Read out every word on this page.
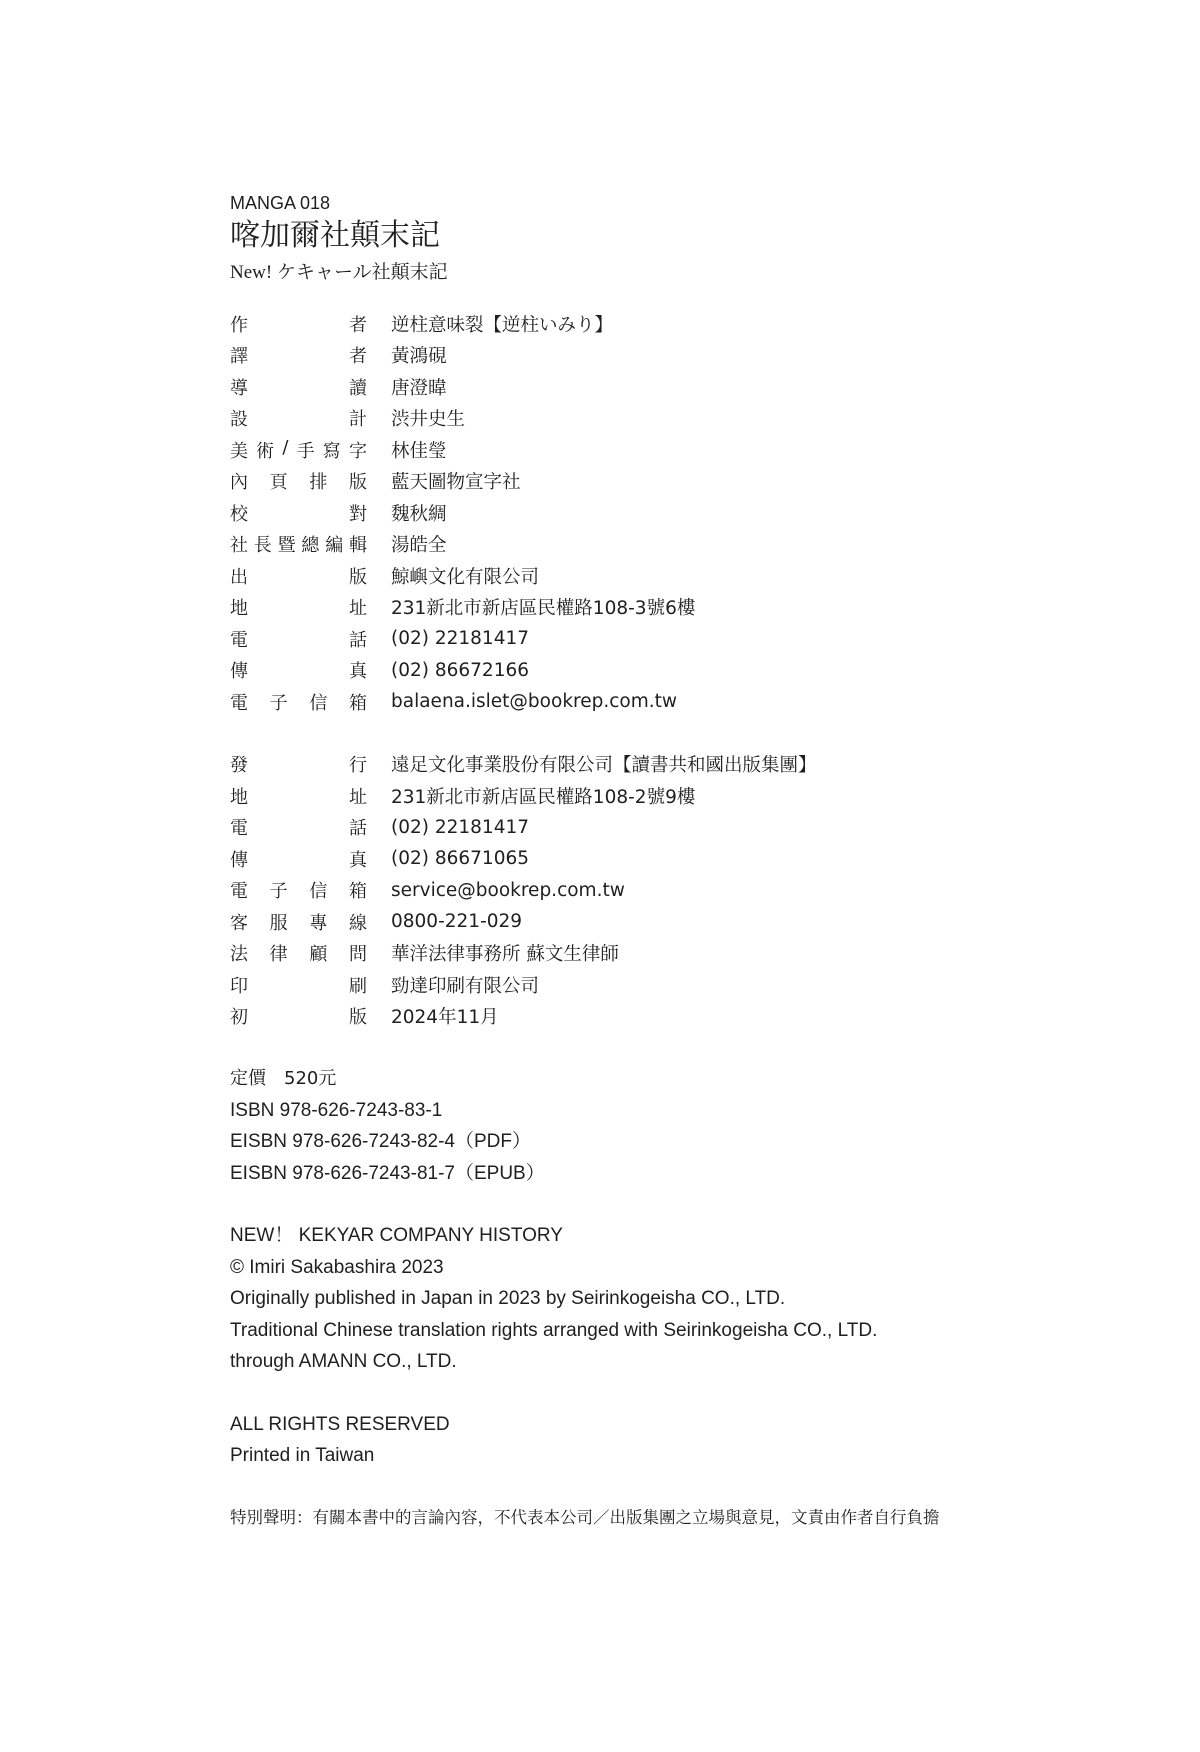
MANGA 018
喀加爾社顛末記
New! ケキャール社顛末記
作	者 逆柱意味裂【逆柱いみり】
譯	者 黃鴻硯
導	讀 唐澄暐
設	計 渋井史生
美 術 / 手 寫 字 林佳瑩
內 頁 排 版 藍天圖物宣字社
校	對 魏秋綢
社 長 暨 總 編 輯 湯皓全
出	版 鯨嶼文化有限公司
地	址 231新北市新店區民權路108-3號6樓
電	話 (02) 22181417
傳	真 (02) 86672166
電 子 信 箱 balaena.islet@bookrep.com.tw
發	行 遠足文化事業股份有限公司【讀書共和國出版集團】
地	址 231新北市新店區民權路108-2號9樓
電	話 (02) 22181417
傳	真 (02) 86671065
電 子 信 箱 service@bookrep.com.tw
客 服 專 線 0800-221-029
法 律 顧 問 華洋法律事務所 蘇文生律師
印	刷 勁達印刷有限公司
初	版 2024年11月
定價　520元
ISBN 978-626-7243-83-1
EISBN 978-626-7243-82-4（PDF）
EISBN 978-626-7243-81-7（EPUB）
NEW！ KEKYAR COMPANY HISTORY
© Imiri Sakabashira 2023
Originally published in Japan in 2023 by Seirinkogeisha CO., LTD.
Traditional Chinese translation rights arranged with Seirinkogeisha CO., LTD.
through AMANN CO., LTD.
ALL RIGHTS RESERVED
Printed in Taiwan
特別聲明：有關本書中的言論內容，不代表本公司／出版集團之立場與意見，文責由作者自行負擔
